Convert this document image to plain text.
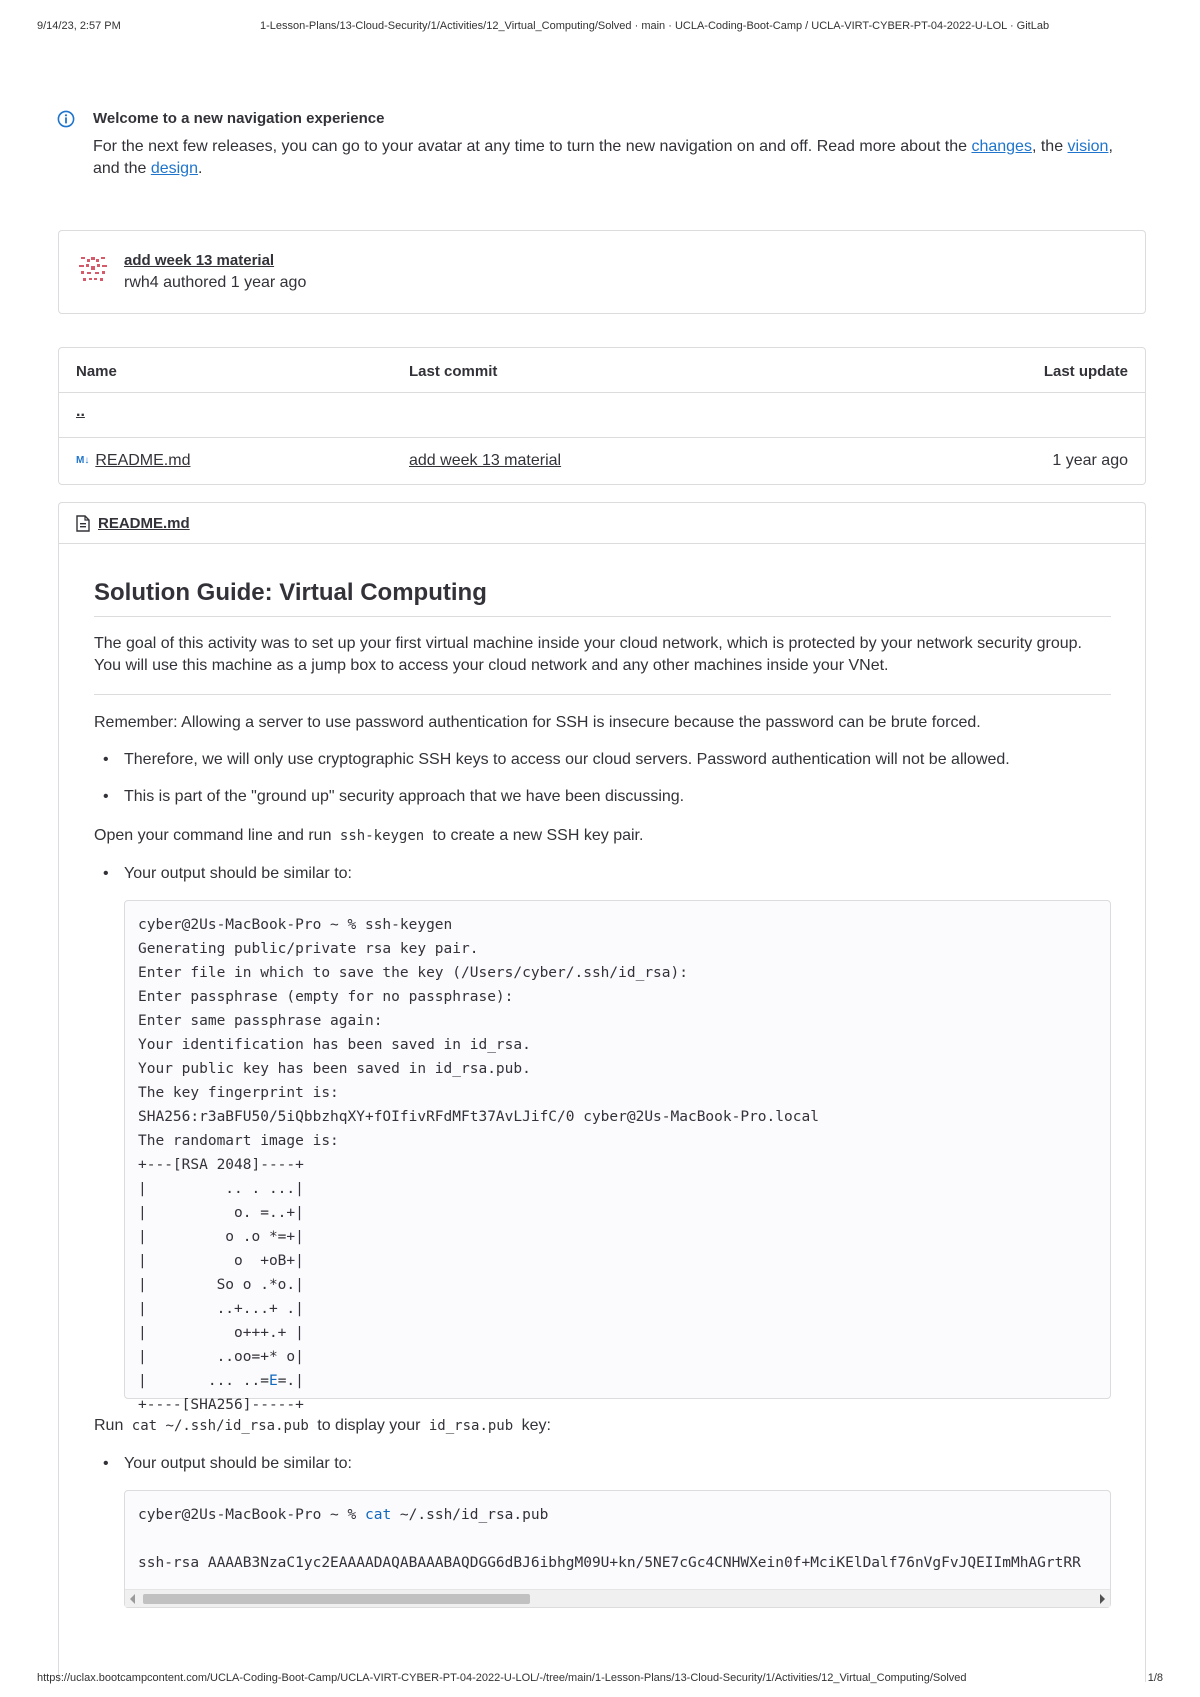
9/14/23, 2:57 PM	1-Lesson-Plans/13-Cloud-Security/1/Activities/12_Virtual_Computing/Solved · main · UCLA-Coding-Boot-Camp / UCLA-VIRT-CYBER-PT-04-2022-U-LOL · GitLab
Welcome to a new navigation experience
For the next few releases, you can go to your avatar at any time to turn the new navigation on and off. Read more about the changes, the vision, and the design.
add week 13 material
rwh4 authored 1 year ago
Name	Last commit	Last update
..
M↓ README.md	add week 13 material	1 year ago
README.md
Solution Guide: Virtual Computing
The goal of this activity was to set up your first virtual machine inside your cloud network, which is protected by your network security group. You will use this machine as a jump box to access your cloud network and any other machines inside your VNet.
Remember: Allowing a server to use password authentication for SSH is insecure because the password can be brute forced.
• Therefore, we will only use cryptographic SSH keys to access our cloud servers. Password authentication will not be allowed.
• This is part of the "ground up" security approach that we have been discussing.
Open your command line and run ssh-keygen to create a new SSH key pair.
• Your output should be similar to:
cyber@2Us-MacBook-Pro ~ % ssh-keygen
Generating public/private rsa key pair.
Enter file in which to save the key (/Users/cyber/.ssh/id_rsa):
Enter passphrase (empty for no passphrase):
Enter same passphrase again:
Your identification has been saved in id_rsa.
Your public key has been saved in id_rsa.pub.
The key fingerprint is:
SHA256:r3aBFU50/5iQbbzhqXY+fOIfivRFdMFt37AvLJifC/0 cyber@2Us-MacBook-Pro.local
The randomart image is:
+---[RSA 2048]----+
|         .. . ...|
|          o. =..+|
|         o .o *=+|
|          o  +oB+|
|        So o .*o.|
|        ..+...+ .|
|          o+++.+ |
|        ..oo=+* o|
|       ... ..=E=.|
+----[SHA256]-----+
Run cat ~/.ssh/id_rsa.pub to display your id_rsa.pub key:
• Your output should be similar to:
cyber@2Us-MacBook-Pro ~ % cat ~/.ssh/id_rsa.pub

ssh-rsa AAAAB3NzaC1yc2EAAAADAQABAAABAQDGG6dBJ6ibhgM09U+kn/5NE7cGc4CNHWXein0f+MciKElDalf76nVgFvJQEIImMhAGrtRR
https://uclax.bootcampcontent.com/UCLA-Coding-Boot-Camp/UCLA-VIRT-CYBER-PT-04-2022-U-LOL/-/tree/main/1-Lesson-Plans/13-Cloud-Security/1/Activities/12_Virtual_Computing/Solved	1/8
